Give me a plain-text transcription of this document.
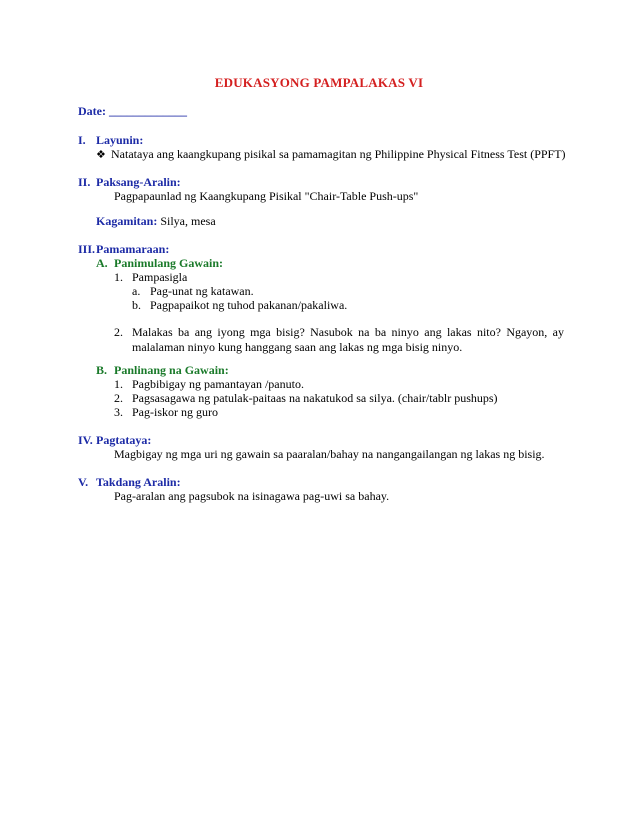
EDUKASYONG PAMPALAKAS VI
Date: _____________
I. Layunin:
❖ Natataya ang kaangkupang pisikal sa pamamagitan ng Philippine Physical Fitness Test (PPFT)
II. Paksang-Aralin:
Pagpapaunlad ng Kaangkupang Pisikal "Chair-Table Push-ups"
Kagamitan: Silya, mesa
III. Pamamaraan:
A. Panimulang Gawain:
1. Pampasigla
a. Pag-unat ng katawan.
b. Pagpapaikot ng tuhod pakanan/pakaliwa.
2. Malakas ba ang iyong mga bisig? Nasubok na ba ninyo ang lakas nito? Ngayon, ay malalaman ninyo kung hanggang saan ang lakas ng mga bisig ninyo.
B. Panlinang na Gawain:
1. Pagbibigay ng pamantayan /panuto.
2. Pagsasagawa ng patulak-paitaas na nakatukod sa silya. (chair/tablr pushups)
3. Pag-iskor ng guro
IV. Pagtataya:
Magbigay ng mga uri ng gawain sa paaralan/bahay na nangangailangan ng lakas ng bisig.
V. Takdang Aralin:
Pag-aralan ang pagsubok na isinagawa pag-uwi sa bahay.
